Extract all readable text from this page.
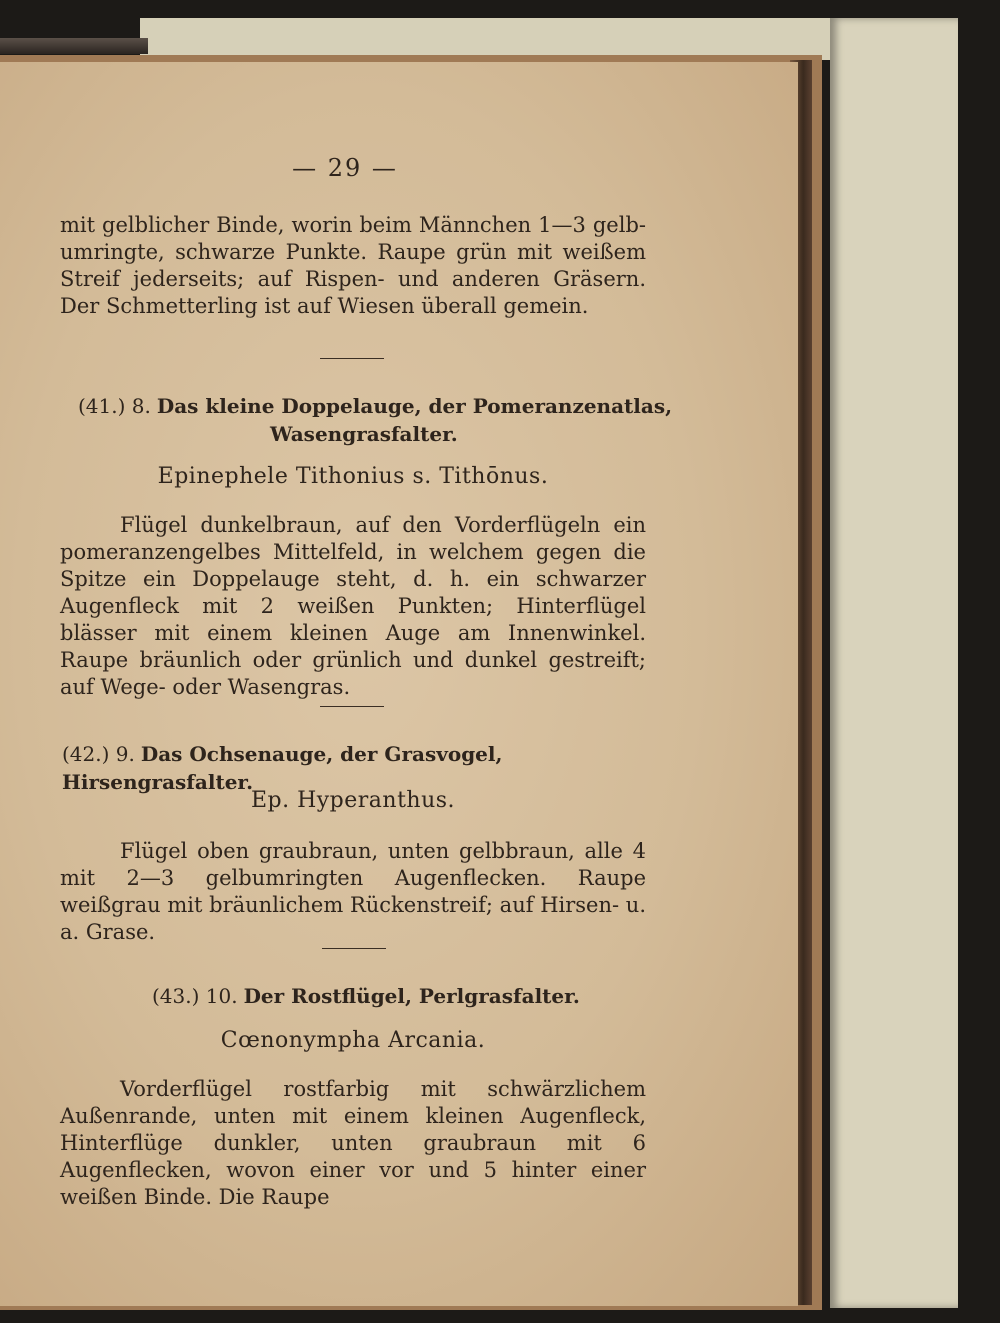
— 29 —

mit gelblicher Binde, worin beim Männchen 1—3 gelb-umringte, schwarze Punkte. Raupe grün mit weißem Streif jederseits; auf Rispen- und anderen Gräsern. Der Schmetterling ist auf Wiesen überall gemein.

(41.) 8. Das kleine Doppelauge, der Pomeranzenatlas,
Wasengrasfalter.

Epinephele Tithonius s. Tithōnus.

Flügel dunkelbraun, auf den Vorderflügeln ein pomeranzengelbes Mittelfeld, in welchem gegen die Spitze ein Doppelauge steht, d. h. ein schwarzer Augenfleck mit 2 weißen Punkten; Hinterflügel blässer mit einem kleinen Auge am Innenwinkel. Raupe bräunlich oder grünlich und dunkel gestreift; auf Wege- oder Wasengras.

(42.) 9. Das Ochsenauge, der Grasvogel, Hirsengrasfalter.

Ep. Hyperanthus.

Flügel oben graubraun, unten gelbbraun, alle 4 mit 2—3 gelbumringten Augenflecken. Raupe weißgrau mit bräunlichem Rückenstreif; auf Hirsen- u. a. Grase.

(43.) 10. Der Rostflügel, Perlgrasfalter.

Cœnonympha Arcania.

Vorderflügel rostfarbig mit schwärzlichem Außenrande, unten mit einem kleinen Augenfleck, Hinterflüge dunkler, unten graubraun mit 6 Augenflecken, wovon einer vor und 5 hinter einer weißen Binde. Die Raupe
